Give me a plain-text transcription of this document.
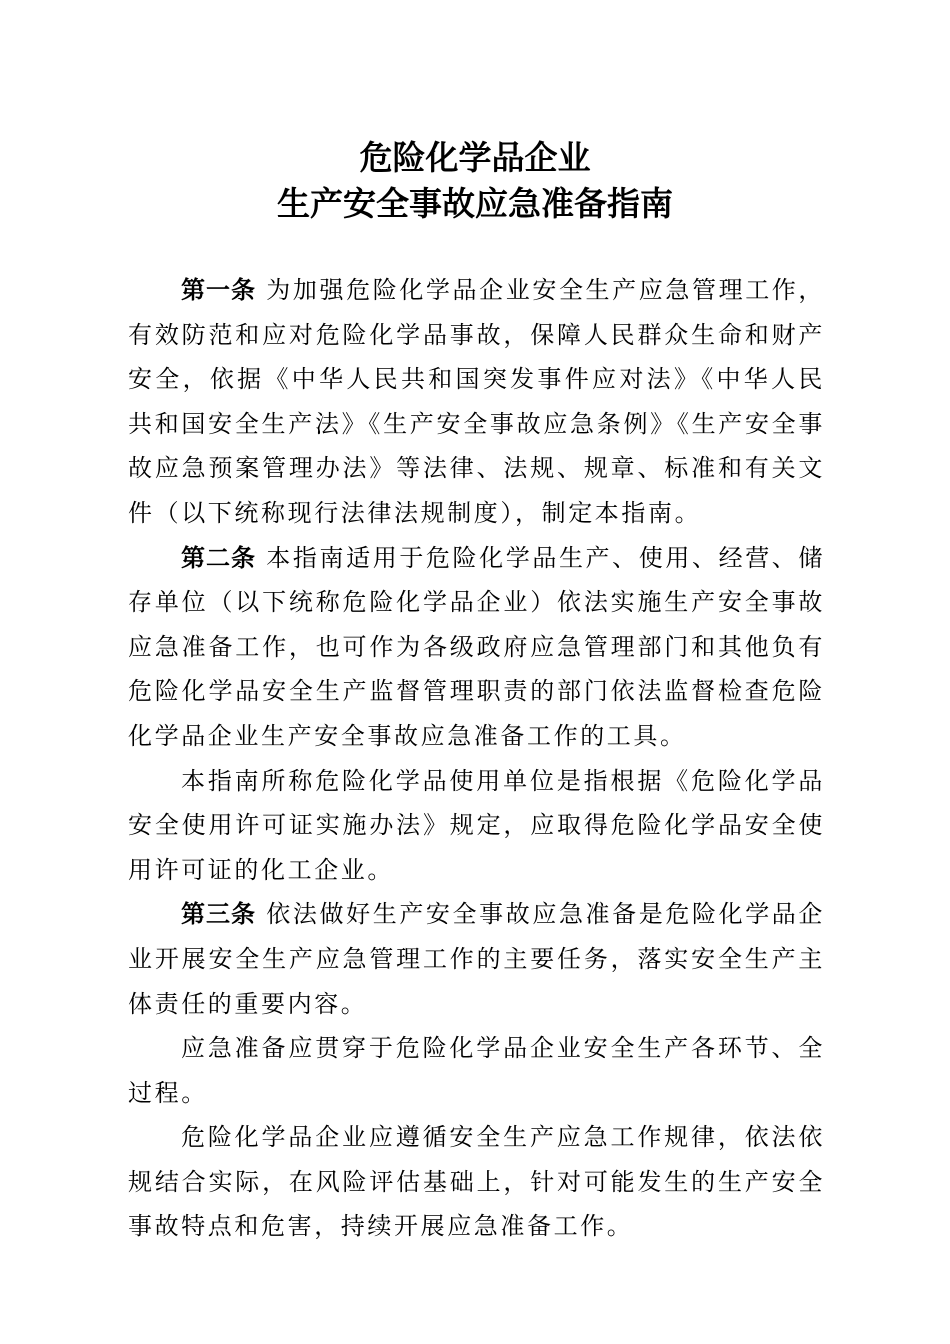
危险化学品企业
生产安全事故应急准备指南

第一条 为加强危险化学品企业安全生产应急管理工作，有效防范和应对危险化学品事故，保障人民群众生命和财产安全，依据《中华人民共和国突发事件应对法》《中华人民共和国安全生产法》《生产安全事故应急条例》《生产安全事故应急预案管理办法》等法律、法规、规章、标准和有关文件（以下统称现行法律法规制度），制定本指南。

第二条 本指南适用于危险化学品生产、使用、经营、储存单位（以下统称危险化学品企业）依法实施生产安全事故应急准备工作，也可作为各级政府应急管理部门和其他负有危险化学品安全生产监督管理职责的部门依法监督检查危险化学品企业生产安全事故应急准备工作的工具。

本指南所称危险化学品使用单位是指根据《危险化学品安全使用许可证实施办法》规定，应取得危险化学品安全使用许可证的化工企业。

第三条 依法做好生产安全事故应急准备是危险化学品企业开展安全生产应急管理工作的主要任务，落实安全生产主体责任的重要内容。

应急准备应贯穿于危险化学品企业安全生产各环节、全过程。

危险化学品企业应遵循安全生产应急工作规律，依法依规结合实际，在风险评估基础上，针对可能发生的生产安全事故特点和危害，持续开展应急准备工作。
